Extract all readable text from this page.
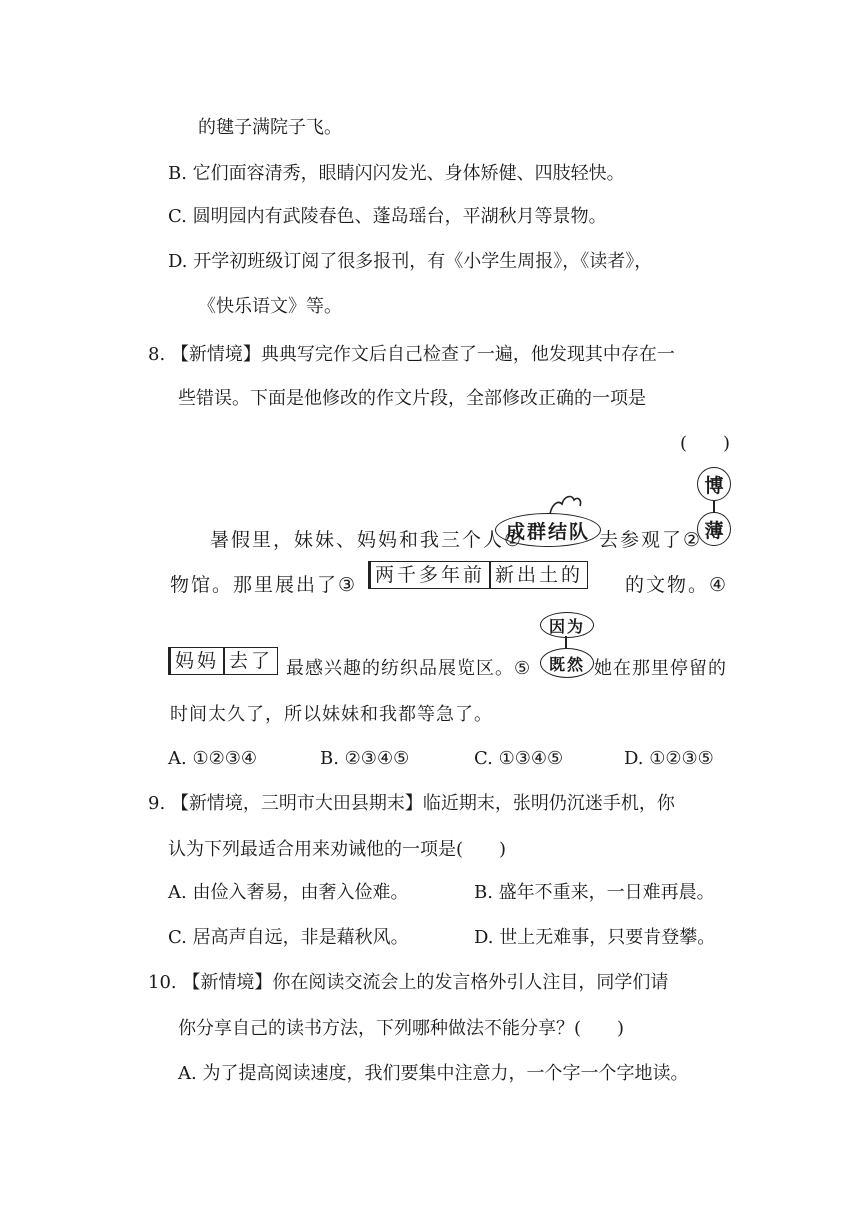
的毽子满院子飞。
B. 它们面容清秀，眼睛闪闪发光、身体矫健、四肢轻快。
C. 圆明园内有武陵春色、蓬岛瑶台，平湖秋月等景物。
D. 开学初班级订阅了很多报刊，有《小学生周报》，《读者》，
《快乐语文》等。
8. 【新情境】典典写完作文后自己检查了一遍，他发现其中存在一
些错误。下面是他修改的作文片段，全部修改正确的一项是
(　　)
暑假里，妹妹、妈妈和我三个人①
成群结队 去参观了②
博
薄
物馆。那里展出了③ 两千多年前 新出土的 的文物。④
妈妈 去了 最感兴趣的纺织品展览区。⑤
因为
既然 她在那里停留的
时间太久了，所以妹妹和我都等急了。
A. ①②③④	B. ②③④⑤	C. ①③④⑤	D. ①②③⑤
9. 【新情境，三明市大田县期末】临近期末，张明仍沉迷手机，你
认为下列最适合用来劝诫他的一项是(　　)
A. 由俭入奢易，由奢入俭难。	B. 盛年不重来，一日难再晨。
C. 居高声自远，非是藉秋风。	D. 世上无难事，只要肯登攀。
10. 【新情境】你在阅读交流会上的发言格外引人注目，同学们请
你分享自己的读书方法，下列哪种做法不能分享？(　　)
A. 为了提高阅读速度，我们要集中注意力，一个字一个字地读。
